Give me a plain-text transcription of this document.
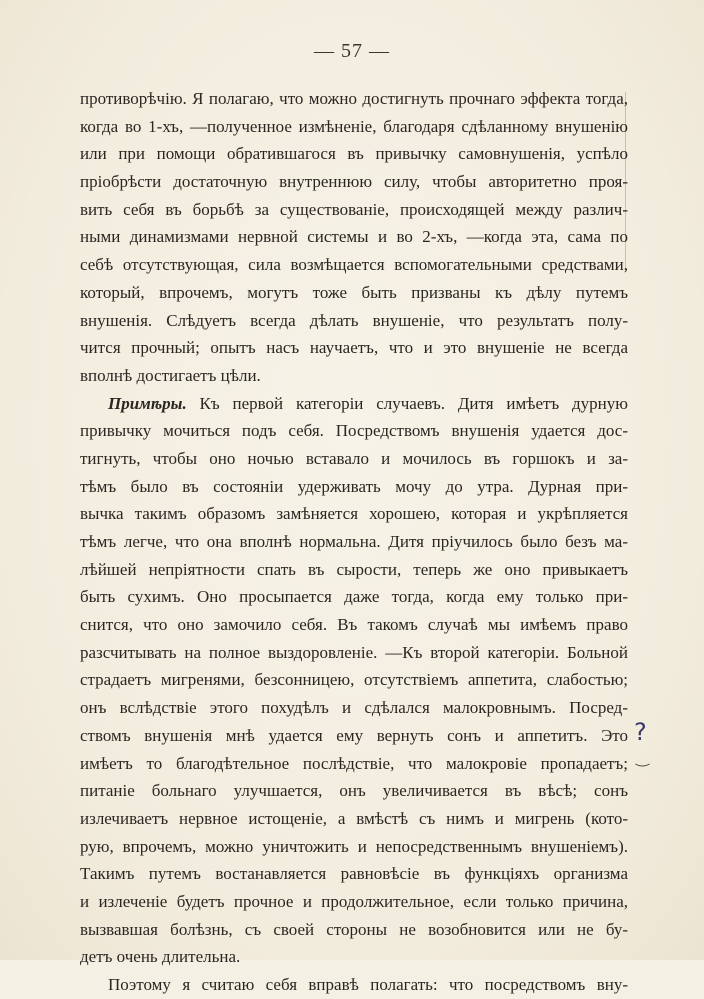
— 57 —
противорѣчію. Я полагаю, что можно достигнуть прочнаго эффекта тогда,
когда во 1-хъ, —полученное измѣненіе, благодаря сдѣланному внушенію
или при помощи обратившагося въ привычку самовнушенія, успѣло
пріобрѣсти достаточную внутреннюю силу, чтобы авторитетно проя-
вить себя въ борьбѣ за существованіе, происходящей между различ-
ными динамизмами нервной системы и во 2-хъ, —когда эта, сама по
себѣ отсутствующая, сила возмѣщается вспомогательными средствами,
который, впрочемъ, могутъ тоже быть призваны къ дѣлу путемъ
внушенія. Слѣдуетъ всегда дѣлать внушеніе, что результатъ полу-
чится прочный; опытъ насъ научаетъ, что и это внушеніе не всегда
вполнѣ достигаетъ цѣли.
Примѣры. Къ первой категоріи случаевъ. Дитя имѣетъ дурную
привычку мочиться подъ себя. Посредствомъ внушенія удается дос-
тигнуть, чтобы оно ночью вставало и мочилось въ горшокъ и за-
тѣмъ было въ состояніи удерживать мочу до утра. Дурная при-
вычка такимъ образомъ замѣняется хорошею, которая и укрѣпляется
тѣмъ легче, что она вполнѣ нормальна. Дитя пріучилось было безъ ма-
лѣйшей непріятности спать въ сырости, теперь же оно привыкаетъ
быть сухимъ. Оно просыпается даже тогда, когда ему только при-
снится, что оно замочило себя. Въ такомъ случаѣ мы имѣемъ право
разсчитывать на полное выздоровленіе. —Къ второй категоріи. Больной
страдаетъ мигренями, безсонницею, отсутствіемъ аппетита, слабостью;
онъ вслѣдствіе этого похудѣлъ и сдѣлался малокровнымъ. Посред-
ствомъ внушенія мнѣ удается ему вернуть сонъ и аппетитъ. Это
имѣетъ то благодѣтельное послѣдствіе, что малокровіе пропадаетъ;
питаніе больнаго улучшается, онъ увеличивается въ вѣсѣ; сонъ
излечиваетъ нервное истощеніе, а вмѣстѣ съ нимъ и мигрень (кото-
рую, впрочемъ, можно уничтожить и непосредственнымъ внушеніемъ).
Такимъ путемъ востанавляется равновѣсіе въ функціяхъ организма
и излеченіе будетъ прочное и продолжительное, если только причина,
вызвавшая болѣзнь, съ своей стороны не возобновится или не бу-
детъ очень длительна.
Поэтому я считаю себя вправѣ полагать: что посредствомъ вну-
?
‿
